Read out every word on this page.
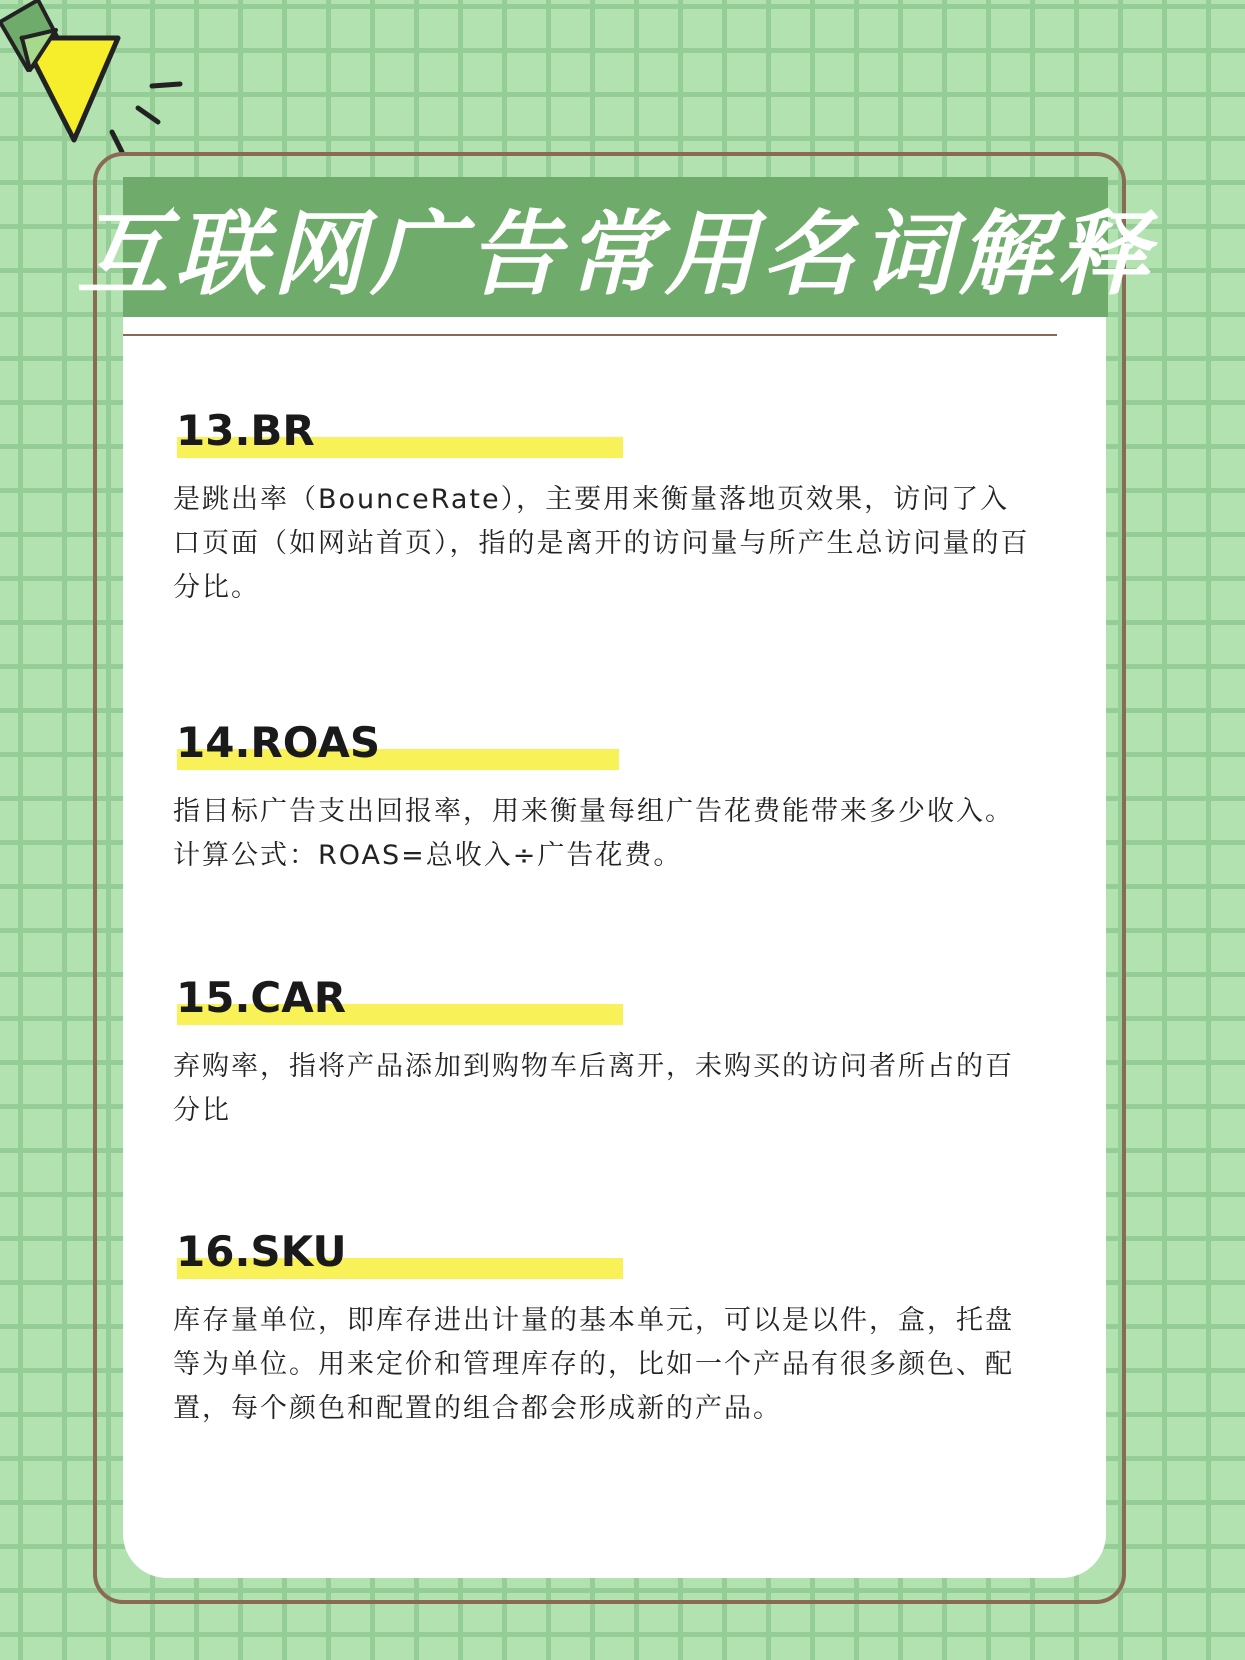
互联网广告常用名词解释
13.BR
是跳出率（BounceRate），主要用来衡量落地页效果，访问了入口页面（如网站首页），指的是离开的访问量与所产生总访问量的百分比。
14.ROAS
指目标广告支出回报率，用来衡量每组广告花费能带来多少收入。计算公式：ROAS=总收入÷广告花费。
15.CAR
弃购率，指将产品添加到购物车后离开，未购买的访问者所占的百分比
16.SKU
库存量单位，即库存进出计量的基本单元，可以是以件，盒，托盘等为单位。用来定价和管理库存的，比如一个产品有很多颜色、配置，每个颜色和配置的组合都会形成新的产品。
